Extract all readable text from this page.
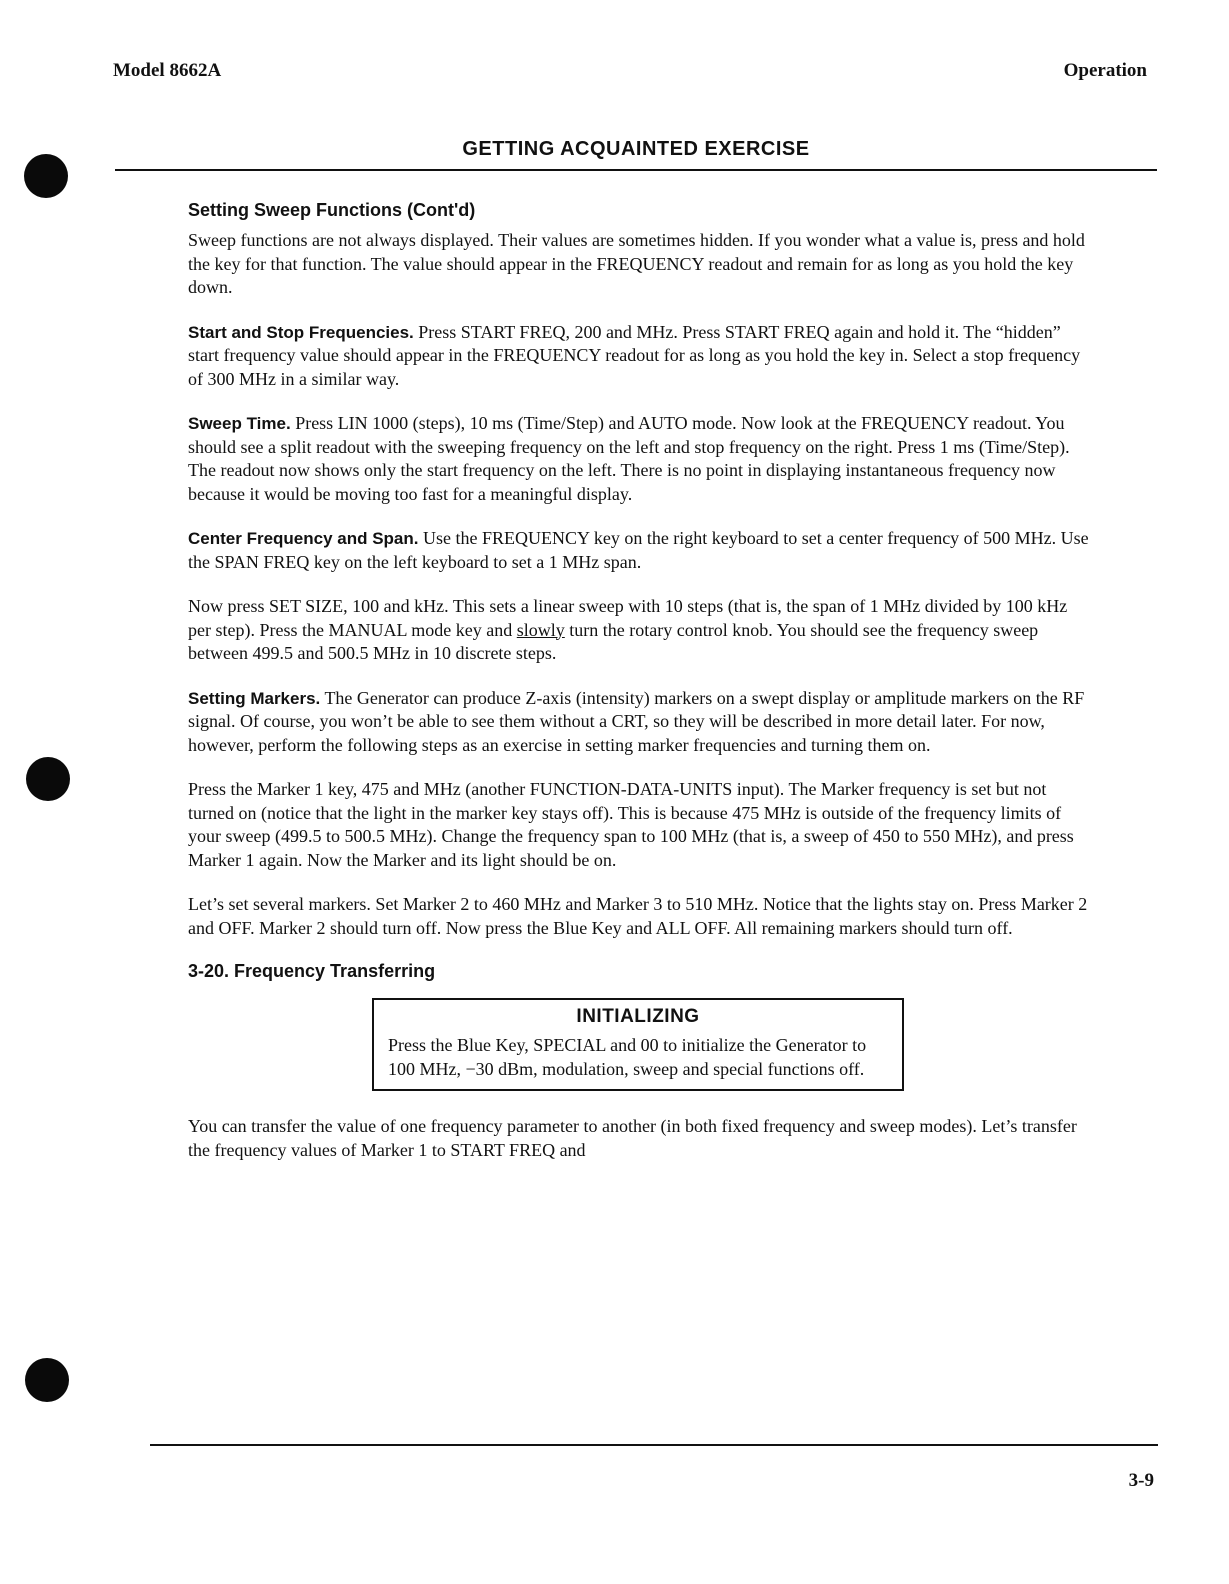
Model 8662A	Operation
GETTING ACQUAINTED EXERCISE
Setting Sweep Functions (Cont'd)

Sweep functions are not always displayed. Their values are sometimes hidden. If you wonder what a value is, press and hold the key for that function. The value should appear in the FREQUENCY readout and remain for as long as you hold the key down.

Start and Stop Frequencies. Press START FREQ, 200 and MHz. Press START FREQ again and hold it. The “hidden” start frequency value should appear in the FREQUENCY readout for as long as you hold the key in. Select a stop frequency of 300 MHz in a similar way.

Sweep Time. Press LIN 1000 (steps), 10 ms (Time/Step) and AUTO mode. Now look at the FREQUENCY readout. You should see a split readout with the sweeping frequency on the left and stop frequency on the right. Press 1 ms (Time/Step). The readout now shows only the start frequency on the left. There is no point in displaying instantaneous frequency now because it would be moving too fast for a meaningful display.

Center Frequency and Span. Use the FREQUENCY key on the right keyboard to set a center frequency of 500 MHz. Use the SPAN FREQ key on the left keyboard to set a 1 MHz span.

Now press SET SIZE, 100 and kHz. This sets a linear sweep with 10 steps (that is, the span of 1 MHz divided by 100 kHz per step). Press the MANUAL mode key and slowly turn the rotary control knob. You should see the frequency sweep between 499.5 and 500.5 MHz in 10 discrete steps.

Setting Markers. The Generator can produce Z-axis (intensity) markers on a swept display or amplitude markers on the RF signal. Of course, you won’t be able to see them without a CRT, so they will be described in more detail later. For now, however, perform the following steps as an exercise in setting marker frequencies and turning them on.

Press the Marker 1 key, 475 and MHz (another FUNCTION-DATA-UNITS input). The Marker frequency is set but not turned on (notice that the light in the marker key stays off). This is because 475 MHz is outside of the frequency limits of your sweep (499.5 to 500.5 MHz). Change the frequency span to 100 MHz (that is, a sweep of 450 to 550 MHz), and press Marker 1 again. Now the Marker and its light should be on.

Let’s set several markers. Set Marker 2 to 460 MHz and Marker 3 to 510 MHz. Notice that the lights stay on. Press Marker 2 and OFF. Marker 2 should turn off. Now press the Blue Key and ALL OFF. All remaining markers should turn off.

3-20. Frequency Transferring
INITIALIZING

Press the Blue Key, SPECIAL and 00 to initialize the Generator to 100 MHz, −30 dBm, modulation, sweep and special functions off.

You can transfer the value of one frequency parameter to another (in both fixed frequency and sweep modes). Let’s transfer the frequency values of Marker 1 to START FREQ and

3-9
